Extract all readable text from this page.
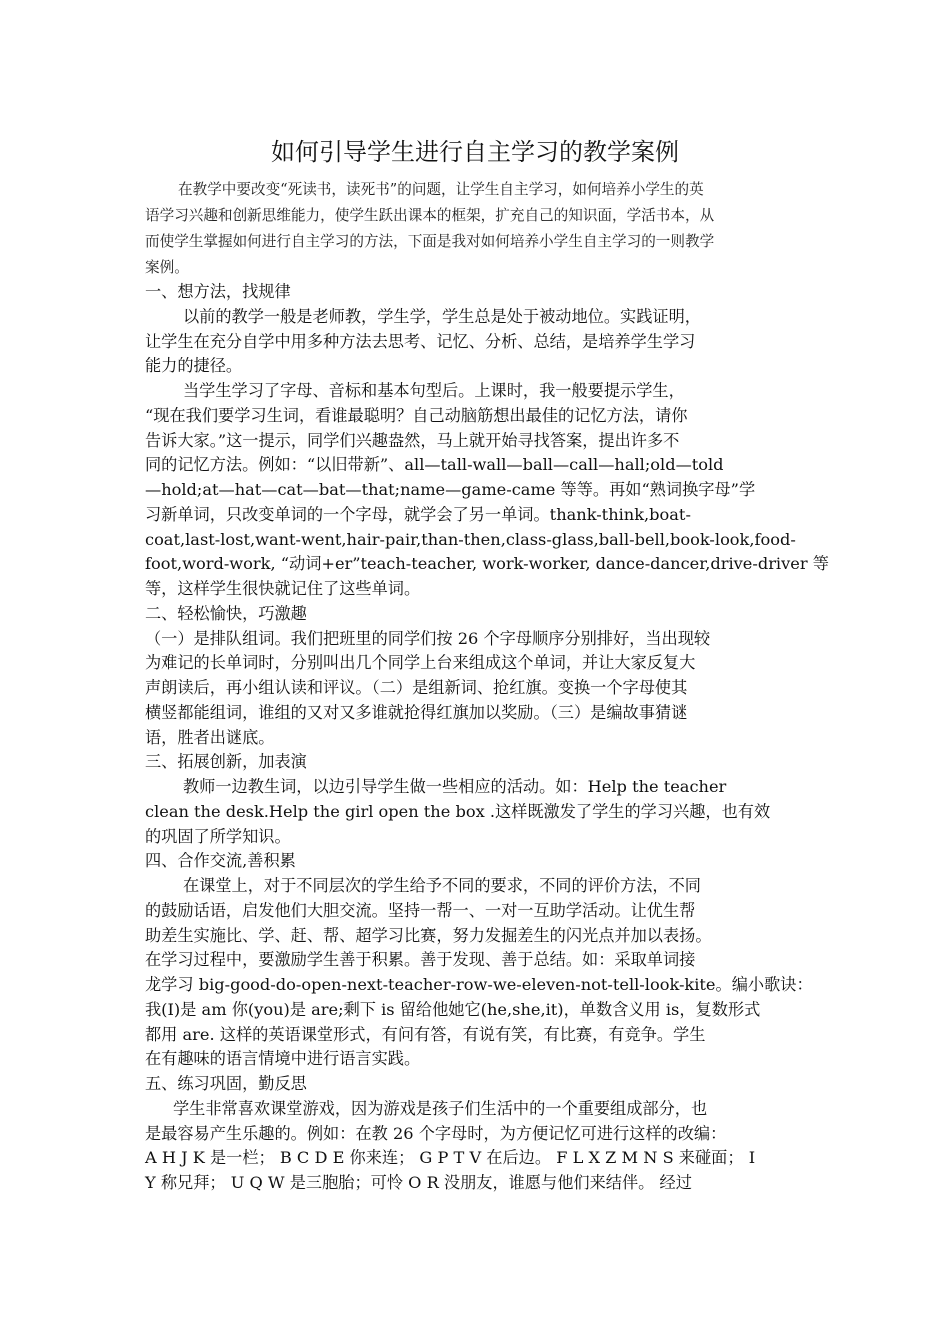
如何引导学生进行自主学习的教学案例
在教学中要改变“死读书，读死书”的问题，让学生自主学习，如何培养小学生的英
语学习兴趣和创新思维能力，使学生跃出课本的框架，扩充自己的知识面，学活书本，从
而使学生掌握如何进行自主学习的方法，下面是我对如何培养小学生自主学习的一则教学
案例。
一、想方法，找规律
以前的教学一般是老师教，学生学，学生总是处于被动地位。实践证明，
让学生在充分自学中用多种方法去思考、记忆、分析、总结，是培养学生学习
能力的捷径。
当学生学习了字母、音标和基本句型后。上课时，我一般要提示学生，
“现在我们要学习生词，看谁最聪明？自己动脑筋想出最佳的记忆方法，请你
告诉大家。”这一提示，同学们兴趣盎然，马上就开始寻找答案，提出许多不
同的记忆方法。例如：“以旧带新”、all—tall-wall—ball—call—hall;old—told
—hold;at—hat—cat—bat—that;name—game-came 等等。再如“熟词换字母”学
习新单词，只改变单词的一个字母，就学会了另一单词。thank-think,boat-
coat,last-lost,want-went,hair-pair,than-then,class-glass,ball-bell,book-look,food-
foot,word-work, “动词+er”teach-teacher, work-worker, dance-dancer,drive-driver 等
等，这样学生很快就记住了这些单词。
二、轻松愉快，巧激趣
（一）是排队组词。我们把班里的同学们按 26 个字母顺序分别排好，当出现较
为难记的长单词时，分别叫出几个同学上台来组成这个单词，并让大家反复大
声朗读后，再小组认读和评议。（二）是组新词、抢红旗。变换一个字母使其
横竖都能组词，谁组的又对又多谁就抢得红旗加以奖励。（三）是编故事猜谜
语，胜者出谜底。
三、拓展创新，加表演
教师一边教生词，以边引导学生做一些相应的活动。如：Help the teacher
clean the desk.Help the girl open the box .这样既激发了学生的学习兴趣，也有效
的巩固了所学知识。
四、合作交流,善积累
在课堂上，对于不同层次的学生给予不同的要求，不同的评价方法，不同
的鼓励话语，启发他们大胆交流。坚持一帮一、一对一互助学活动。让优生帮
助差生实施比、学、赶、帮、超学习比赛，努力发掘差生的闪光点并加以表扬。
在学习过程中，要激励学生善于积累。善于发现、善于总结。如：采取单词接
龙学习 big-good-do-open-next-teacher-row-we-eleven-not-tell-look-kite。编小歌诀：
我(I)是 am 你(you)是 are;剩下 is 留给他她它(he,she,it)，单数含义用 is，复数形式
都用 are. 这样的英语课堂形式，有问有答，有说有笑，有比赛，有竞争。学生
在有趣味的语言情境中进行语言实践。
五、练习巩固，勤反思
学生非常喜欢课堂游戏，因为游戏是孩子们生活中的一个重要组成部分，也
是最容易产生乐趣的。例如：在教 26 个字母时，为方便记忆可进行这样的改编：
A H J K 是一栏； B C D E 你来连； G P T V 在后边。 F L X Z M N S 来碰面； I
Y 称兄拜； U Q W 是三胞胎；可怜 O R 没朋友，谁愿与他们来结伴。 经过
